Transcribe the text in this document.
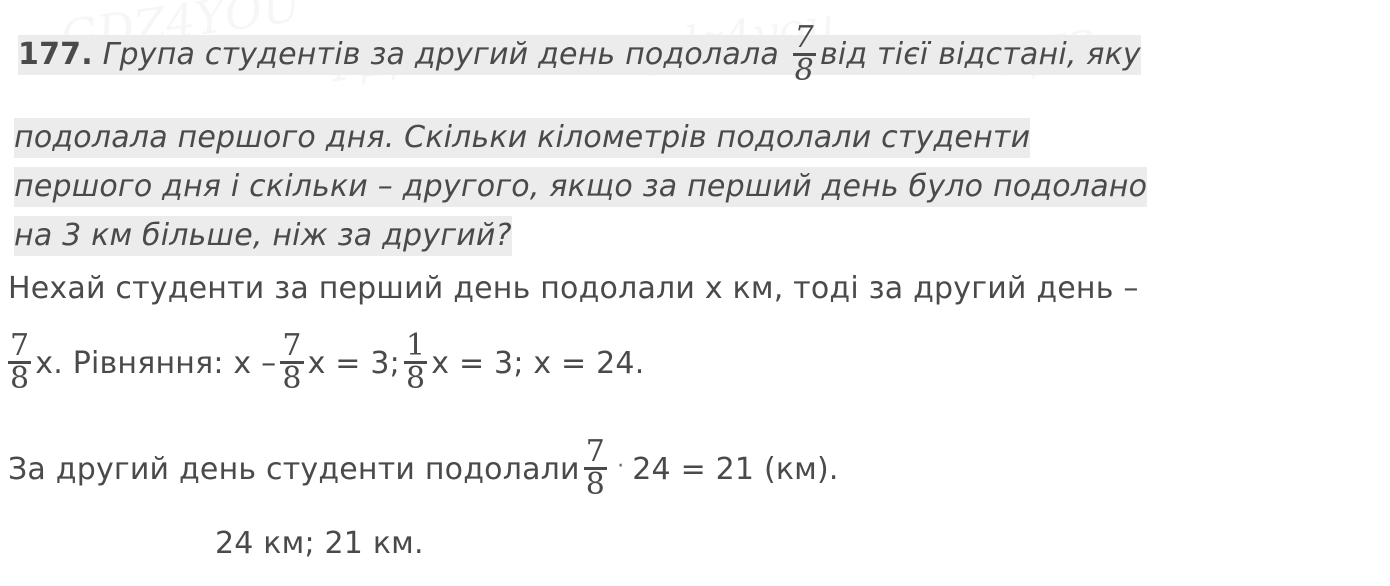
177. Група студентів за другий день подолала $\frac{7}{8}$ від тієї відстані, яку
подолала першого дня. Скільки кілометрів подолали студенти
першого дня і скільки – другого, якщо за перший день було подолано
на 3 км більше, ніж за другий?
Нехай студенти за перший день подолали x км, тоді за другий день –
$\frac{7}{8} x$. Рівняння: x – $\frac{7}{8}$ x = 3; $\frac{1}{8}$ x = 3; x = 24.
За другий день студенти подолали $\frac{7}{8} \cdot 24 = 21$ (км).
24 км; 21 км.
